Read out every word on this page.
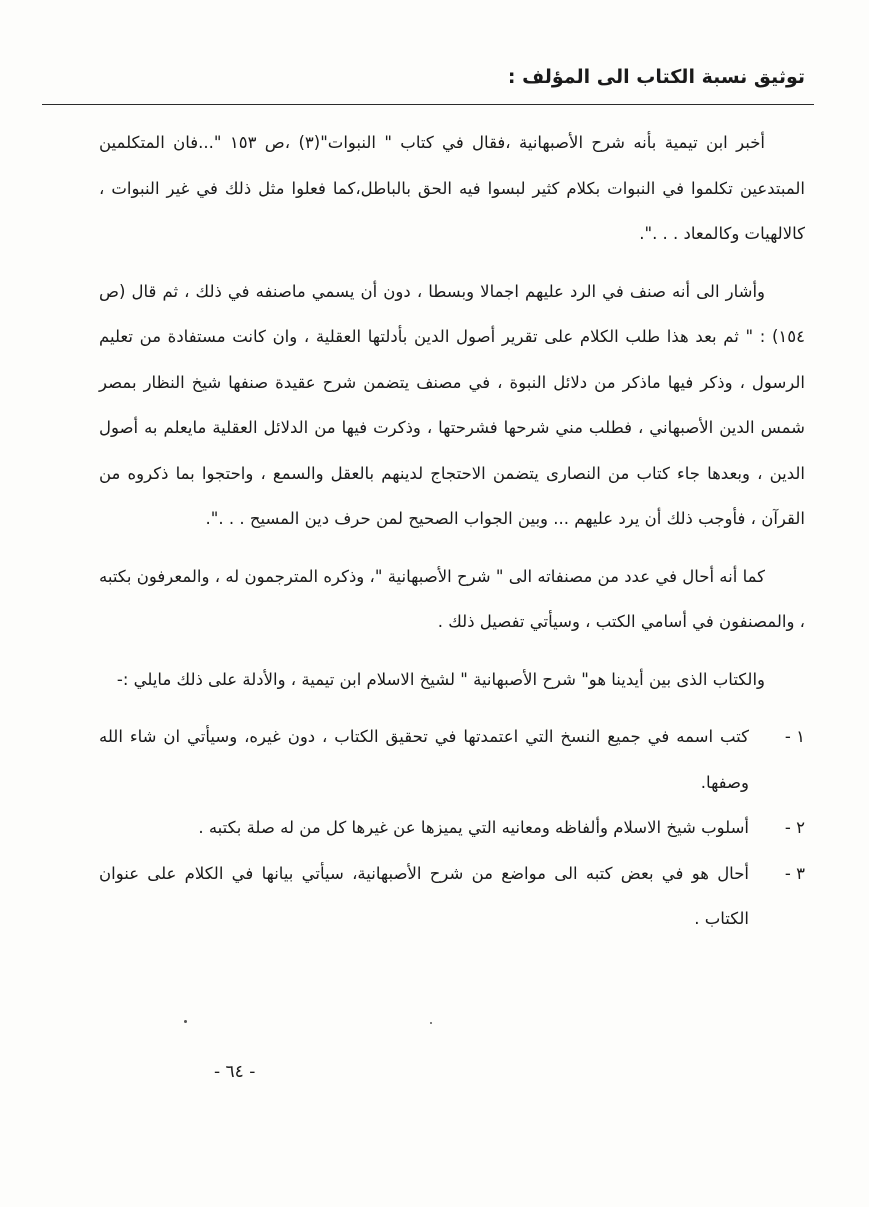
توثيق نسبة الكتاب الى المؤلف :

أخبر ابن تيمية بأنه شرح الأصبهانية ،فقال في كتاب " النبوات"(٣) ،ص ١٥٣ "...فان المتكلمين المبتدعين تكلموا في النبوات بكلام كثير لبسوا فيه الحق بالباطل،كما فعلوا مثل ذلك في غير النبوات ، كالالهيات وكالمعاد . . .".

وأشار الى أنه صنف في الرد عليهم اجمالا وبسطا ، دون أن يسمي ماصنفه في ذلك ، ثم قال (ص ١٥٤) : " ثم بعد هذا طلب الكلام على تقرير أصول الدين بأدلتها العقلية ، وان كانت مستفادة من تعليم الرسول ، وذكر فيها ماذكر من دلائل النبوة ، في مصنف يتضمن شرح عقيدة صنفها شيخ النظار بمصر شمس الدين الأصبهاني ، فطلب مني شرحها فشرحتها ، وذكرت فيها من الدلائل العقلية مايعلم به أصول الدين ، وبعدها جاء كتاب من النصارى يتضمن الاحتجاج لدينهم بالعقل والسمع ، واحتجوا بما ذكروه من القرآن ، فأوجب ذلك أن يرد عليهم ... وبين الجواب الصحيح لمن حرف دين المسيح . . .".

كما أنه أحال في عدد من مصنفاته الى " شرح الأصبهانية "، وذكره المترجمون له ، والمعرفون بكتبه ، والمصنفون في أسامي الكتب ، وسيأتي تفصيل ذلك .

والكتاب الذى بين أيدينا هو" شرح الأصبهانية " لشيخ الاسلام ابن تيمية ، والأدلة على ذلك مايلي :-

١ -
كتب اسمه في جميع النسخ التي اعتمدتها في تحقيق الكتاب ، دون غيره، وسيأتي ان شاء الله وصفها.
٢ -
أسلوب شيخ الاسلام وألفاظه ومعانيه التي يميزها عن غيرها كل من له صلة بكتبه .
٣ -
أحال هو في بعض كتبه الى مواضع من شرح الأصبهانية، سيأتي بيانها في الكلام على عنوان الكتاب .
- ٦٤ -
